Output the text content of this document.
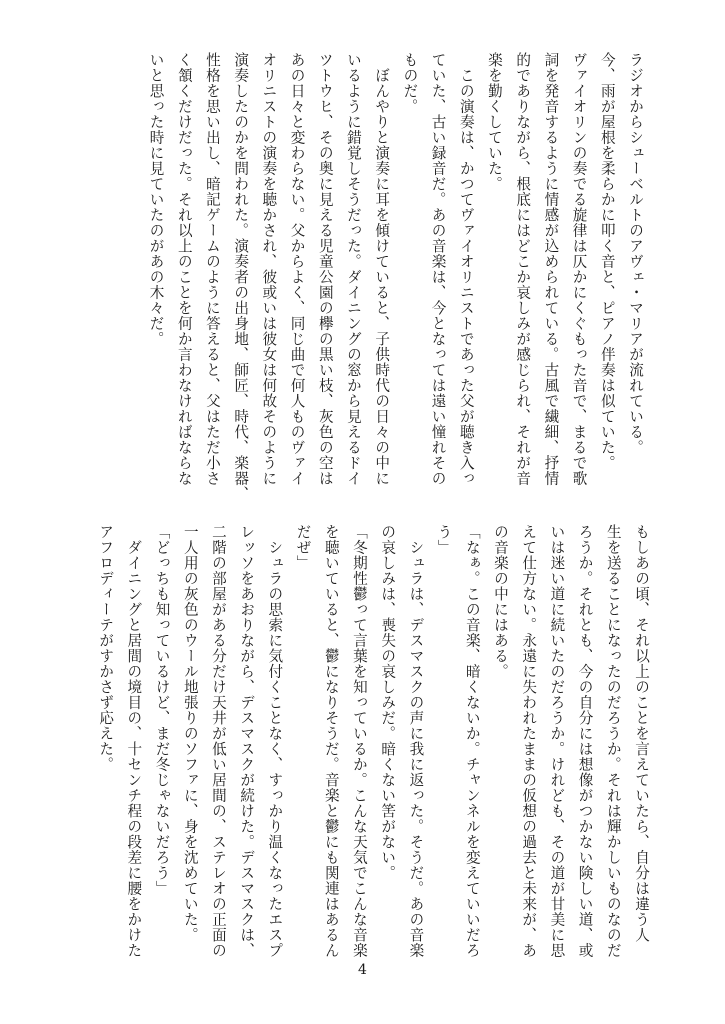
ラジオからシューベルトのアヴェ・マリアが流れている。

今、雨が屋根を柔らかに叩く音と、ピアノ伴奏は似ていた。

ヴァイオリンの奏でる旋律は仄かにくぐもった音で、まるで歌

詞を発音するように情感が込められている。古風で繊細、抒情

的でありながら、根底にはどこか哀しみが感じられ、それが音

楽を勤くしていた。

　この演奏は、かつてヴァイオリニストであった父が聴き入っ

ていた、古い録音だ。あの音楽は、今となっては遠い憧れその

ものだ。

　ぼんやりと演奏に耳を傾けていると、子供時代の日々の中に

いるように錯覚しそうだった。ダイニングの窓から見えるドイ

ツトウヒ、その奥に見える児童公園の欅の黒い枝、灰色の空は

あの日々と変わらない。父からよく、同じ曲で何人ものヴァイ

オリニストの演奏を聴かされ、彼或いは彼女は何故そのように

演奏したのかを問われた。演奏者の出身地、師匠、時代、楽器、

性格を思い出し、暗記ゲームのように答えると、父はただ小さ

く頷くだけだった。それ以上のことを何か言わなければならな

いと思った時に見ていたのがあの木々だ。

もしあの頃、それ以上のことを言えていたら、自分は違う人

生を送ることになったのだろうか。それは輝かしいものなのだ

ろうか。それとも、今の自分には想像がつかない険しい道、或

いは迷い道に続いたのだろうか。けれども、その道が甘美に思

えて仕方ない。永遠に失われたままの仮想の過去と未来が、あ

の音楽の中にはある。

「なぁ。この音楽、暗くないか。チャンネルを変えていいだろ

う」

　シュラは、デスマスクの声に我に返った。そうだ。あの音楽

の哀しみは、喪失の哀しみだ。暗くない筈がない。

「冬期性鬱って言葉を知っているか。こんな天気でこんな音楽

を聴いていると、鬱になりそうだ。音楽と鬱にも関連はあるん

だぜ」

　シュラの思索に気付くことなく、すっかり温くなったエスプ

レッソをあおりながら、デスマスクが続けた。デスマスクは、

二階の部屋がある分だけ天井が低い居間の、ステレオの正面の

一人用の灰色のウール地張りのソファに、身を沈めていた。

「どっちも知っているけど、まだ冬じゃないだろう」

　ダイニングと居間の境目の、十センチ程の段差に腰をかけた

アフロディーテがすかさず応えた。

4
